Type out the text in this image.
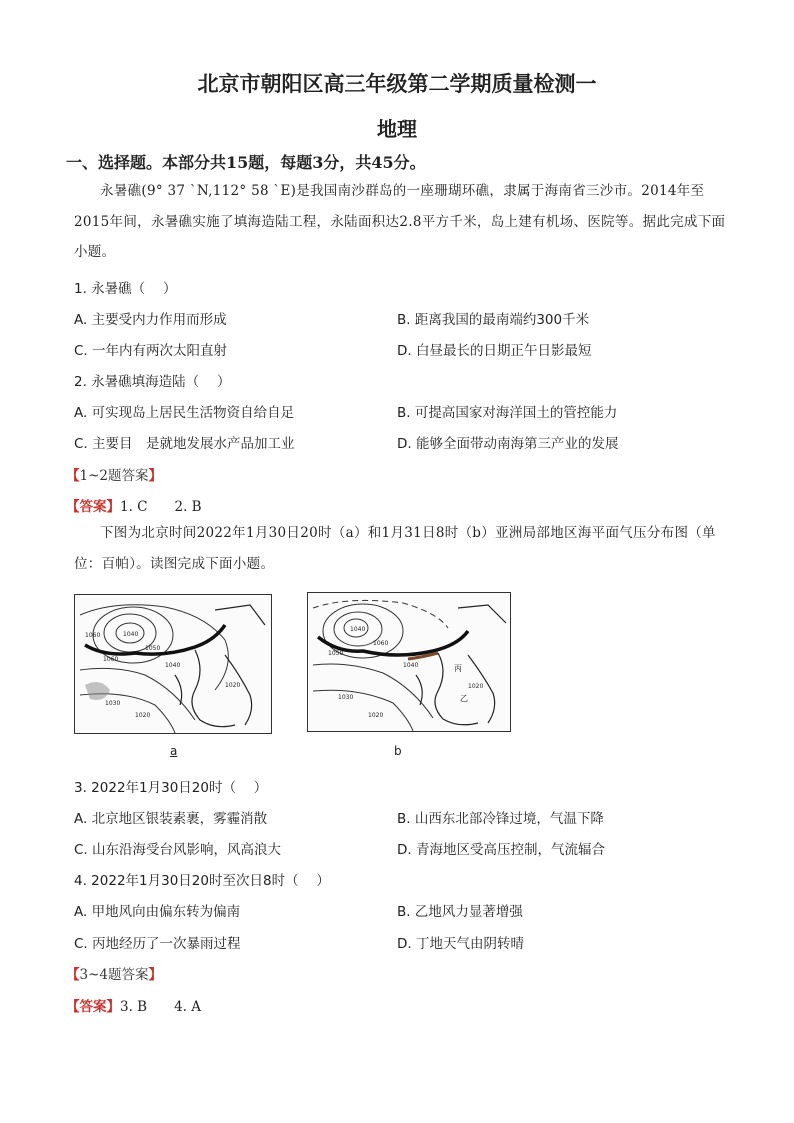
北京市朝阳区高三年级第二学期质量检测一
地理
一、选择题。本部分共15题，每题3分，共45分。
永暑礁(9° 37 `N,112° 58 `E)是我国南沙群岛的一座珊瑚环礁，隶属于海南省三沙市。2014年至2015年间，永暑礁实施了填海造陆工程，永陆面积达2.8平方千米，岛上建有机场、医院等。据此完成下面小题。
1. 永暑礁（　 ）
A. 主要受内力作用而形成	B. 距离我国的最南端约300千米
C. 一年内有两次太阳直射	D. 白昼最长的日期正午日影最短
2. 永暑礁填海造陆（　 ）
A. 可实现岛上居民生活物资自给自足	B. 可提高国家对海洋国土的管控能力
C. 主要目　是就地发展水产品加工业	D. 能够全面带动南海第三产业的发展
【1~2题答案】
【答案】1. C　　2. B
下图为北京时间2022年1月30日20时（a）和1月31日8时（b）亚洲局部地区海平面气压分布图（单位：百帕）。读图完成下面小题。
1040
1050
1060
1040
1030
1020
1020
1060
a
1040
1060
1050
1040
1030
1020
1020
丙
乙
b
3. 2022年1月30日20时（　 ）
A. 北京地区银装素裹，雾霾消散	B. 山西东北部冷锋过境，气温下降
C. 山东沿海受台风影响，风高浪大	D. 青海地区受高压控制，气流辐合
4. 2022年1月30日20时至次日8时（　 ）
A. 甲地风向由偏东转为偏南	B. 乙地风力显著增强
C. 丙地经历了一次暴雨过程	D. 丁地天气由阴转晴
【3~4题答案】
【答案】3. B　　4. A
